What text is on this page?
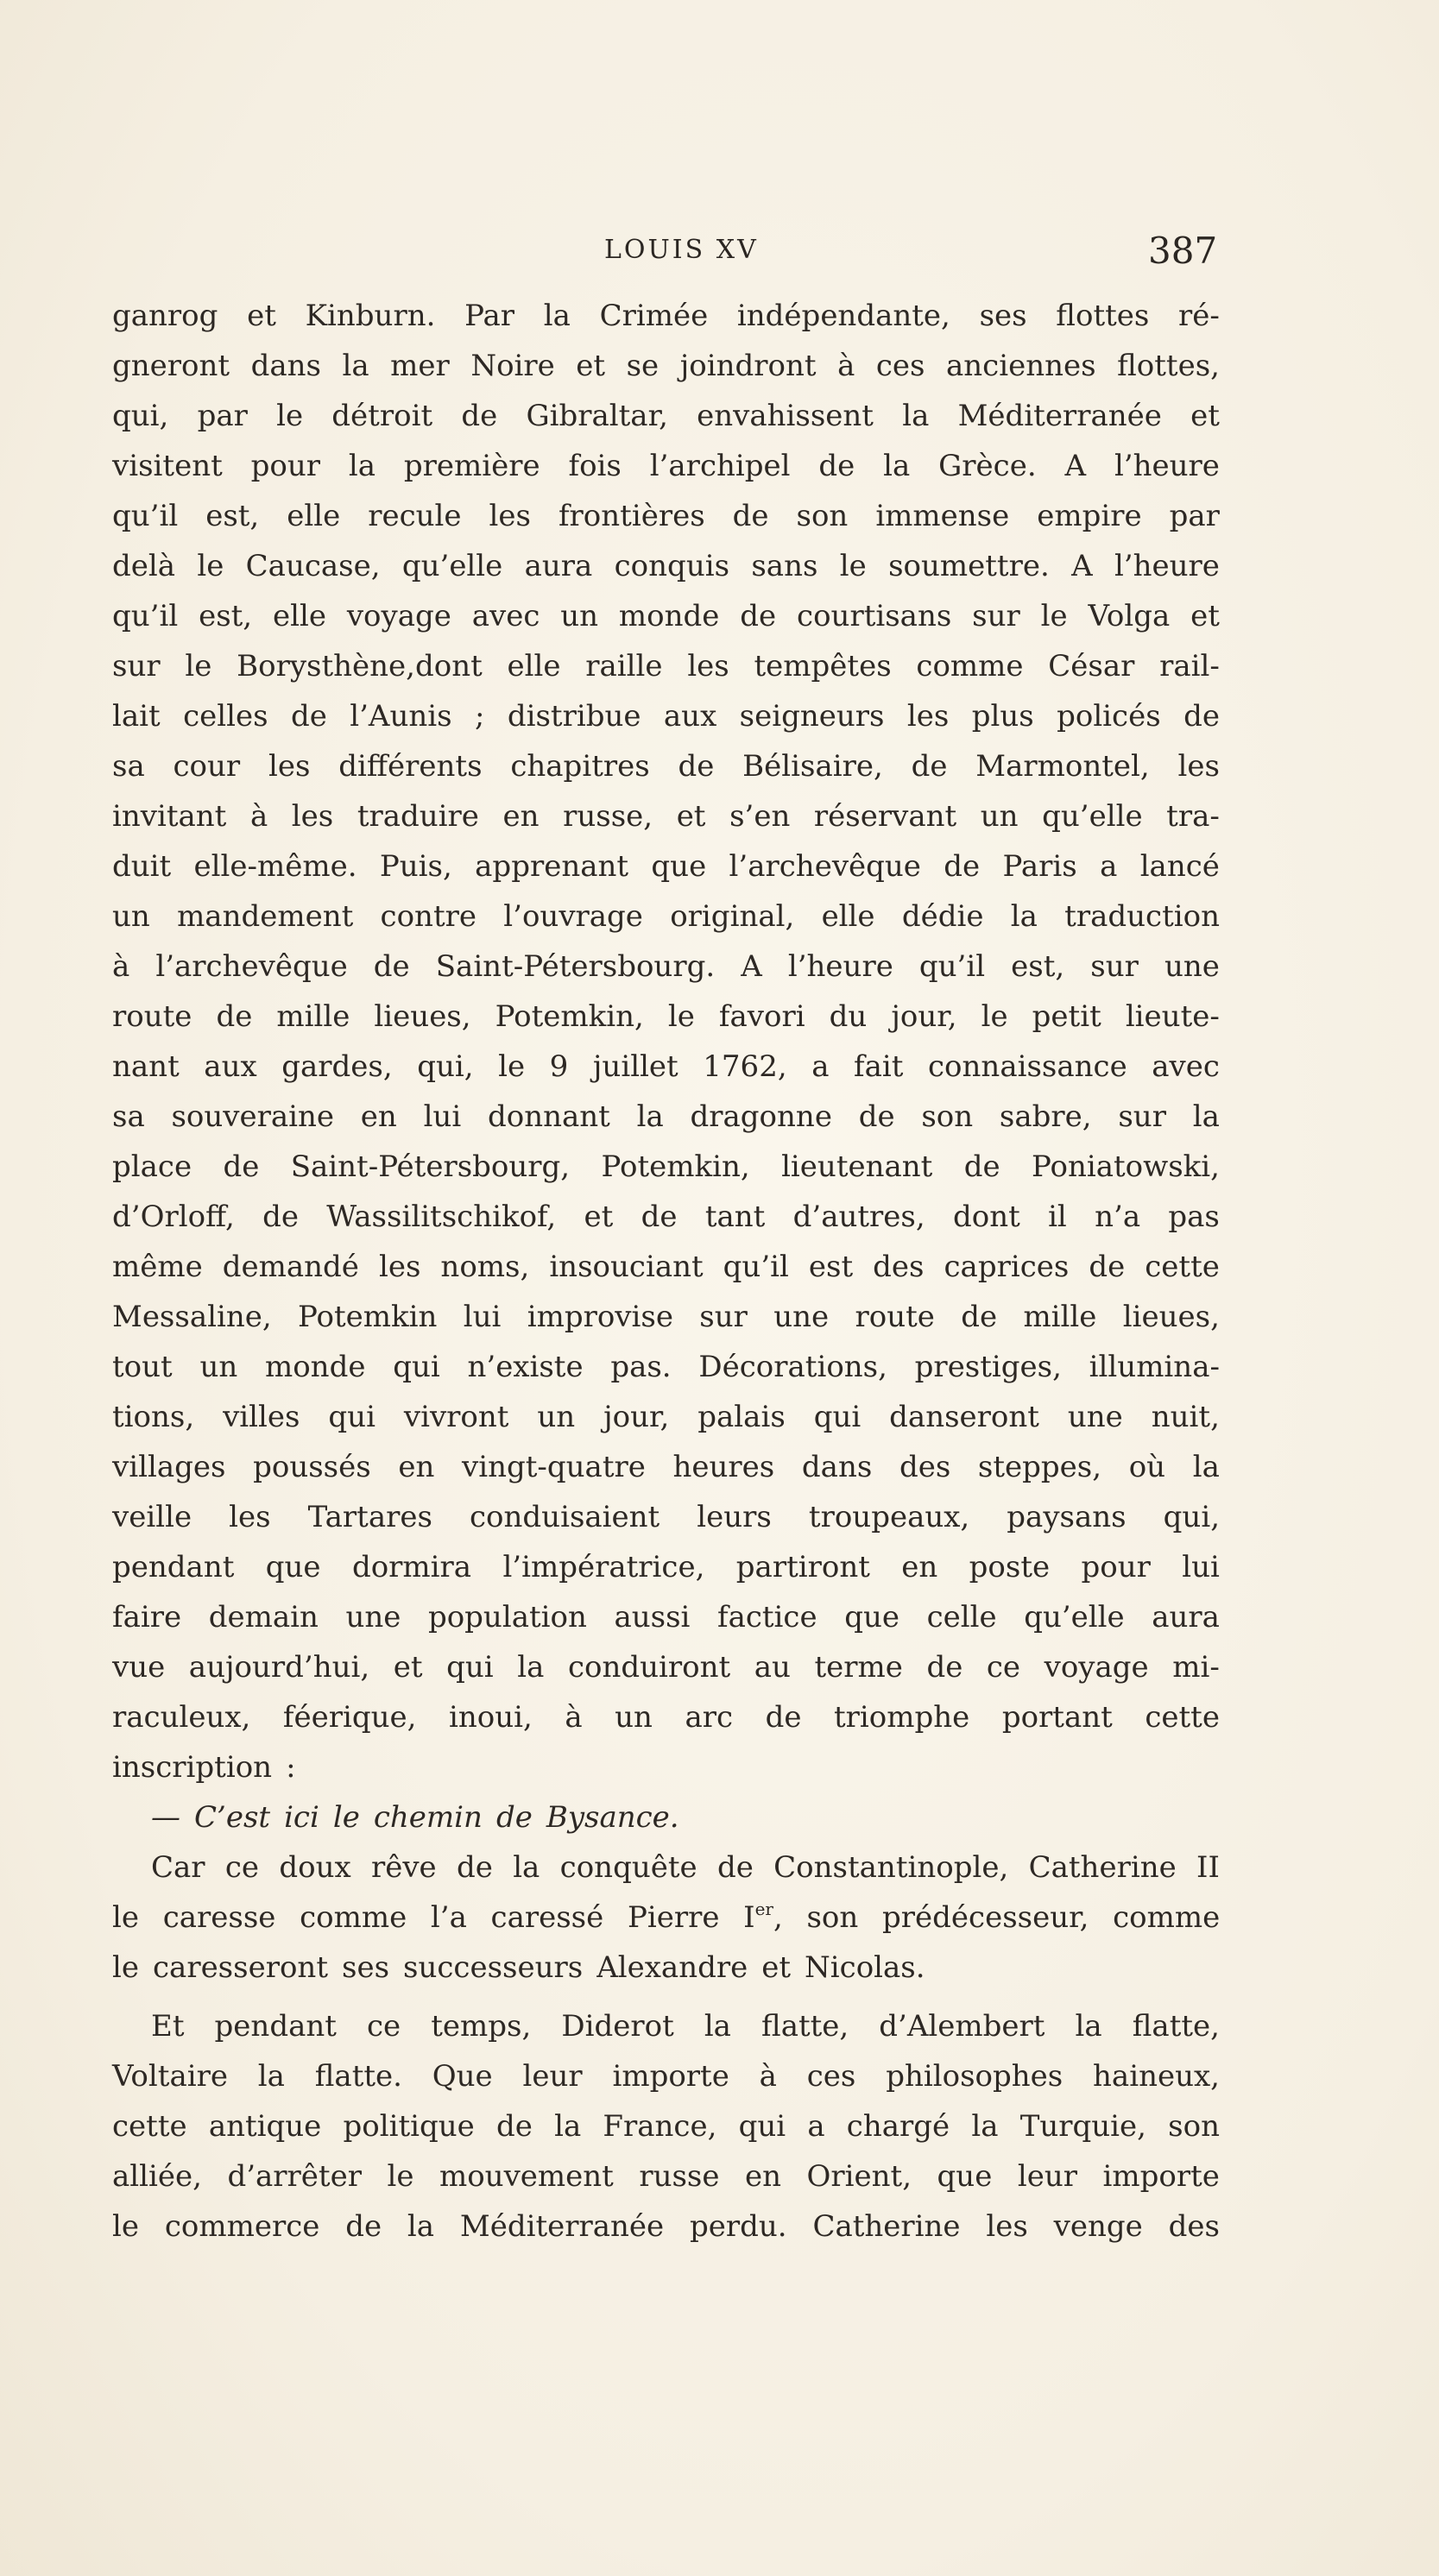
LOUIS XV	387
ganrog et Kinburn. Par la Crimée indépendante, ses flottes ré-
gneront dans la mer Noire et se joindront à ces anciennes flottes,
qui, par le détroit de Gibraltar, envahissent la Méditerranée et
visitent pour la première fois l’archipel de la Grèce. A l’heure
qu’il est, elle recule les frontières de son immense empire par
delà le Caucase, qu’elle aura conquis sans le soumettre. A l’heure
qu’il est, elle voyage avec un monde de courtisans sur le Volga et
sur le Borysthène,dont elle raille les tempêtes comme César rail-
lait celles de l’Aunis ; distribue aux seigneurs les plus policés de
sa cour les différents chapitres de Bélisaire, de Marmontel, les
invitant à les traduire en russe, et s’en réservant un qu’elle tra-
duit elle-même. Puis, apprenant que l’archevêque de Paris a lancé
un mandement contre l’ouvrage original, elle dédie la traduction
à l’archevêque de Saint-Pétersbourg. A l’heure qu’il est, sur une
route de mille lieues, Potemkin, le favori du jour, le petit lieute-
nant aux gardes, qui, le 9 juillet 1762, a fait connaissance avec
sa souveraine en lui donnant la dragonne de son sabre, sur la
place de Saint-Pétersbourg, Potemkin, lieutenant de Poniatowski,
d’Orloff, de Wassilitschikof, et de tant d’autres, dont il n’a pas
même demandé les noms, insouciant qu’il est des caprices de cette
Messaline, Potemkin lui improvise sur une route de mille lieues,
tout un monde qui n’existe pas. Décorations, prestiges, illumina-
tions, villes qui vivront un jour, palais qui danseront une nuit,
villages poussés en vingt-quatre heures dans des steppes, où la
veille les Tartares conduisaient leurs troupeaux, paysans qui,
pendant que dormira l’impératrice, partiront en poste pour lui
faire demain une population aussi factice que celle qu’elle aura
vue aujourd’hui, et qui la conduiront au terme de ce voyage mi-
raculeux, féerique, inoui, à un arc de triomphe portant cette
inscription :
— C’est ici le chemin de Bysance.
Car ce doux rêve de la conquête de Constantinople, Catherine II
le caresse comme l’a caressé Pierre Ier, son prédécesseur, comme
le caresseront ses successeurs Alexandre et Nicolas.
Et pendant ce temps, Diderot la flatte, d’Alembert la flatte,
Voltaire la flatte. Que leur importe à ces philosophes haineux,
cette antique politique de la France, qui a chargé la Turquie, son
alliée, d’arrêter le mouvement russe en Orient, que leur importe
le commerce de la Méditerranée perdu. Catherine les venge des
